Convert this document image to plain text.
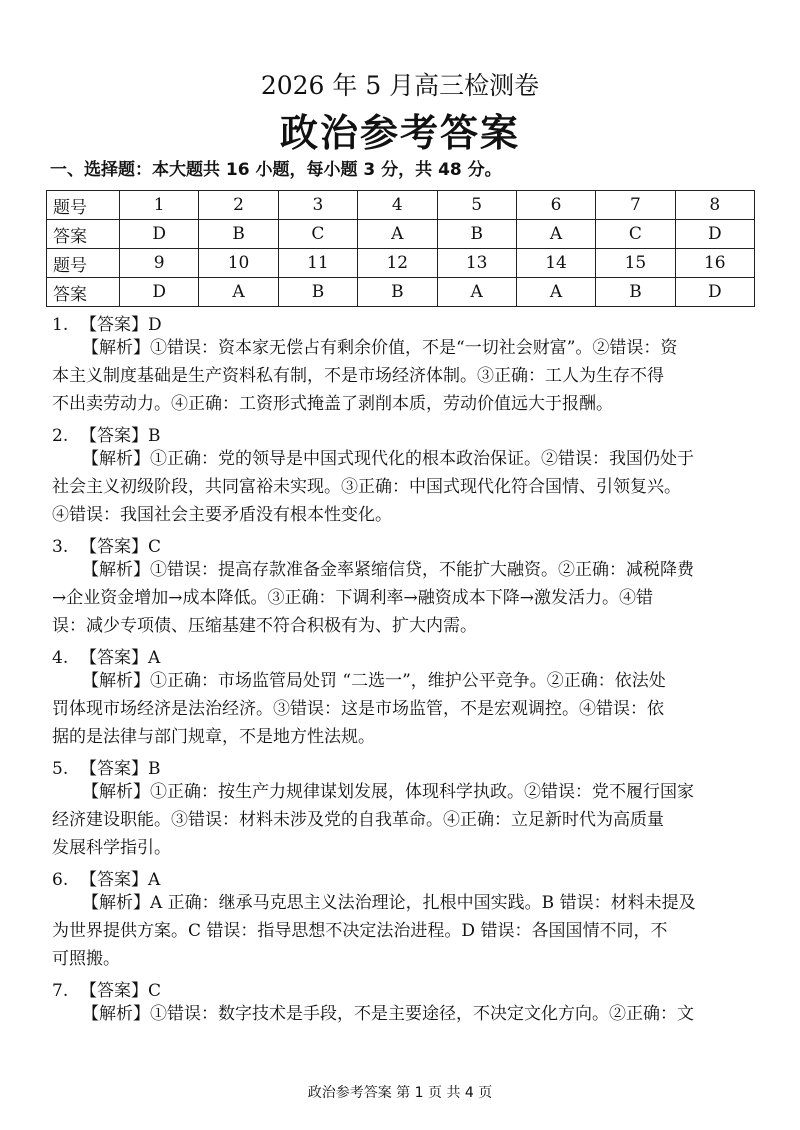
2026 年 5 月高三检测卷
政治参考答案
一、选择题：本大题共 16 小题，每小题 3 分，共 48 分。
题号	1	2	3	4	5	6	7	8
答案	D	B	C	A	B	A	C	D
题号	9	10	11	12	13	14	15	16
答案	D	A	B	B	A	A	B	D
1. 【答案】D
【解析】①错误：资本家无偿占有剩余价值，不是“一切社会财富”。②错误：资
本主义制度基础是生产资料私有制，不是市场经济体制。③正确：工人为生存不得
不出卖劳动力。④正确：工资形式掩盖了剥削本质，劳动价值远大于报酬。
2. 【答案】B
【解析】①正确：党的领导是中国式现代化的根本政治保证。②错误：我国仍处于
社会主义初级阶段，共同富裕未实现。③正确：中国式现代化符合国情、引领复兴。
④错误：我国社会主要矛盾没有根本性变化。
3. 【答案】C
【解析】①错误：提高存款准备金率紧缩信贷，不能扩大融资。②正确：减税降费
→企业资金增加→成本降低。③正确：下调利率→融资成本下降→激发活力。④错
误：减少专项债、压缩基建不符合积极有为、扩大内需。
4. 【答案】A
【解析】①正确：市场监管局处罚 “二选一”，维护公平竞争。②正确：依法处
罚体现市场经济是法治经济。③错误：这是市场监管，不是宏观调控。④错误：依
据的是法律与部门规章，不是地方性法规。
5. 【答案】B
【解析】①正确：按生产力规律谋划发展，体现科学执政。②错误：党不履行国家
经济建设职能。③错误：材料未涉及党的自我革命。④正确：立足新时代为高质量
发展科学指引。
6. 【答案】A
【解析】A 正确：继承马克思主义法治理论，扎根中国实践。B 错误：材料未提及
为世界提供方案。C 错误：指导思想不决定法治进程。D 错误：各国国情不同，不
可照搬。
7. 【答案】C
【解析】①错误：数字技术是手段，不是主要途径，不决定文化方向。②正确：文
政治参考答案 第 1 页 共 4 页
